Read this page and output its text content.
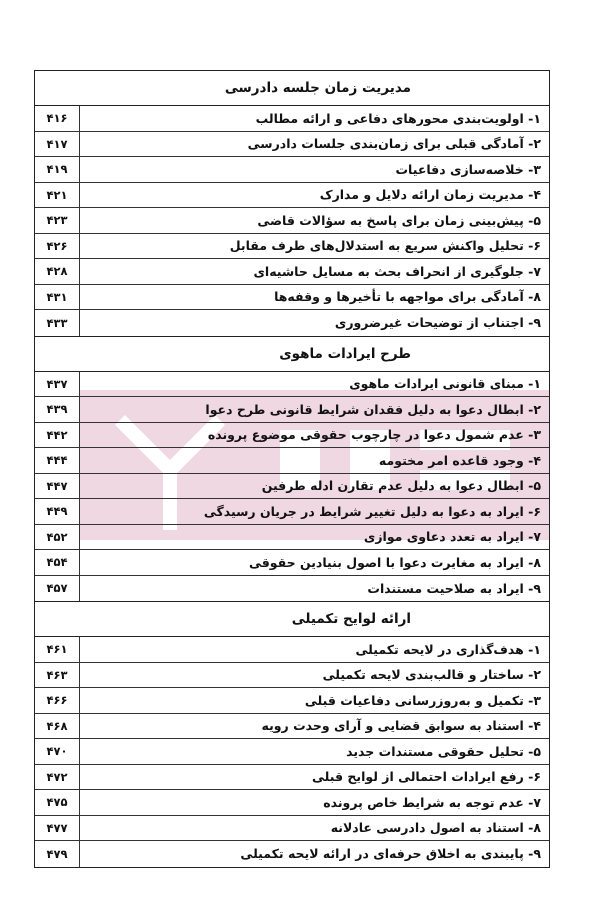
مدیریت زمان جلسه دادرسی
۱- اولویت‌بندی محورهای دفاعی و ارائه مطالب
۴۱۶
۲- آمادگی قبلی برای زمان‌بندی جلسات دادرسی
۴۱۷
۳- خلاصه‌سازی دفاعیات
۴۱۹
۴- مدیریت زمان ارائه دلایل و مدارک
۴۲۱
۵- پیش‌بینی زمان برای پاسخ به سؤالات قاضی
۴۲۳
۶- تحلیل واکنش سریع به استدلال‌های طرف مقابل
۴۲۶
۷- جلوگیری از انحراف بحث به مسایل حاشیه‌ای
۴۲۸
۸- آمادگی برای مواجهه با تأخیرها و وقفه‌ها
۴۳۱
۹- اجتناب از توضیحات غیرضروری
۴۳۳
طرح ایرادات ماهوی
۱- مبنای قانونی ایرادات ماهوی
۴۳۷
۲- ابطال دعوا به دلیل فقدان شرایط قانونی طرح دعوا
۴۳۹
۳- عدم شمول دعوا در چارچوب حقوقی موضوع پرونده
۴۴۲
۴- وجود قاعده امر مختومه
۴۴۴
۵- ابطال دعوا به دلیل عدم تقارن ادله طرفین
۴۴۷
۶- ایراد به دعوا به دلیل تغییر شرایط در جریان رسیدگی
۴۴۹
۷- ایراد به تعدد دعاوی موازی
۴۵۲
۸- ایراد به مغایرت دعوا با اصول بنیادین حقوقی
۴۵۴
۹- ایراد به صلاحیت مستندات
۴۵۷
ارائه لوایح تکمیلی
۱- هدف‌گذاری در لایحه تکمیلی
۴۶۱
۲- ساختار و قالب‌بندی لایحه تکمیلی
۴۶۳
۳- تکمیل و به‌روزرسانی دفاعیات قبلی
۴۶۶
۴- استناد به سوابق قضایی و آرای وحدت رویه
۴۶۸
۵- تحلیل حقوقی مستندات جدید
۴۷۰
۶- رفع ایرادات احتمالی از لوایح قبلی
۴۷۲
۷- عدم توجه به شرایط خاص پرونده
۴۷۵
۸- استناد به اصول دادرسی عادلانه
۴۷۷
۹- پایبندی به اخلاق حرفه‌ای در ارائه لایحه تکمیلی
۴۷۹
